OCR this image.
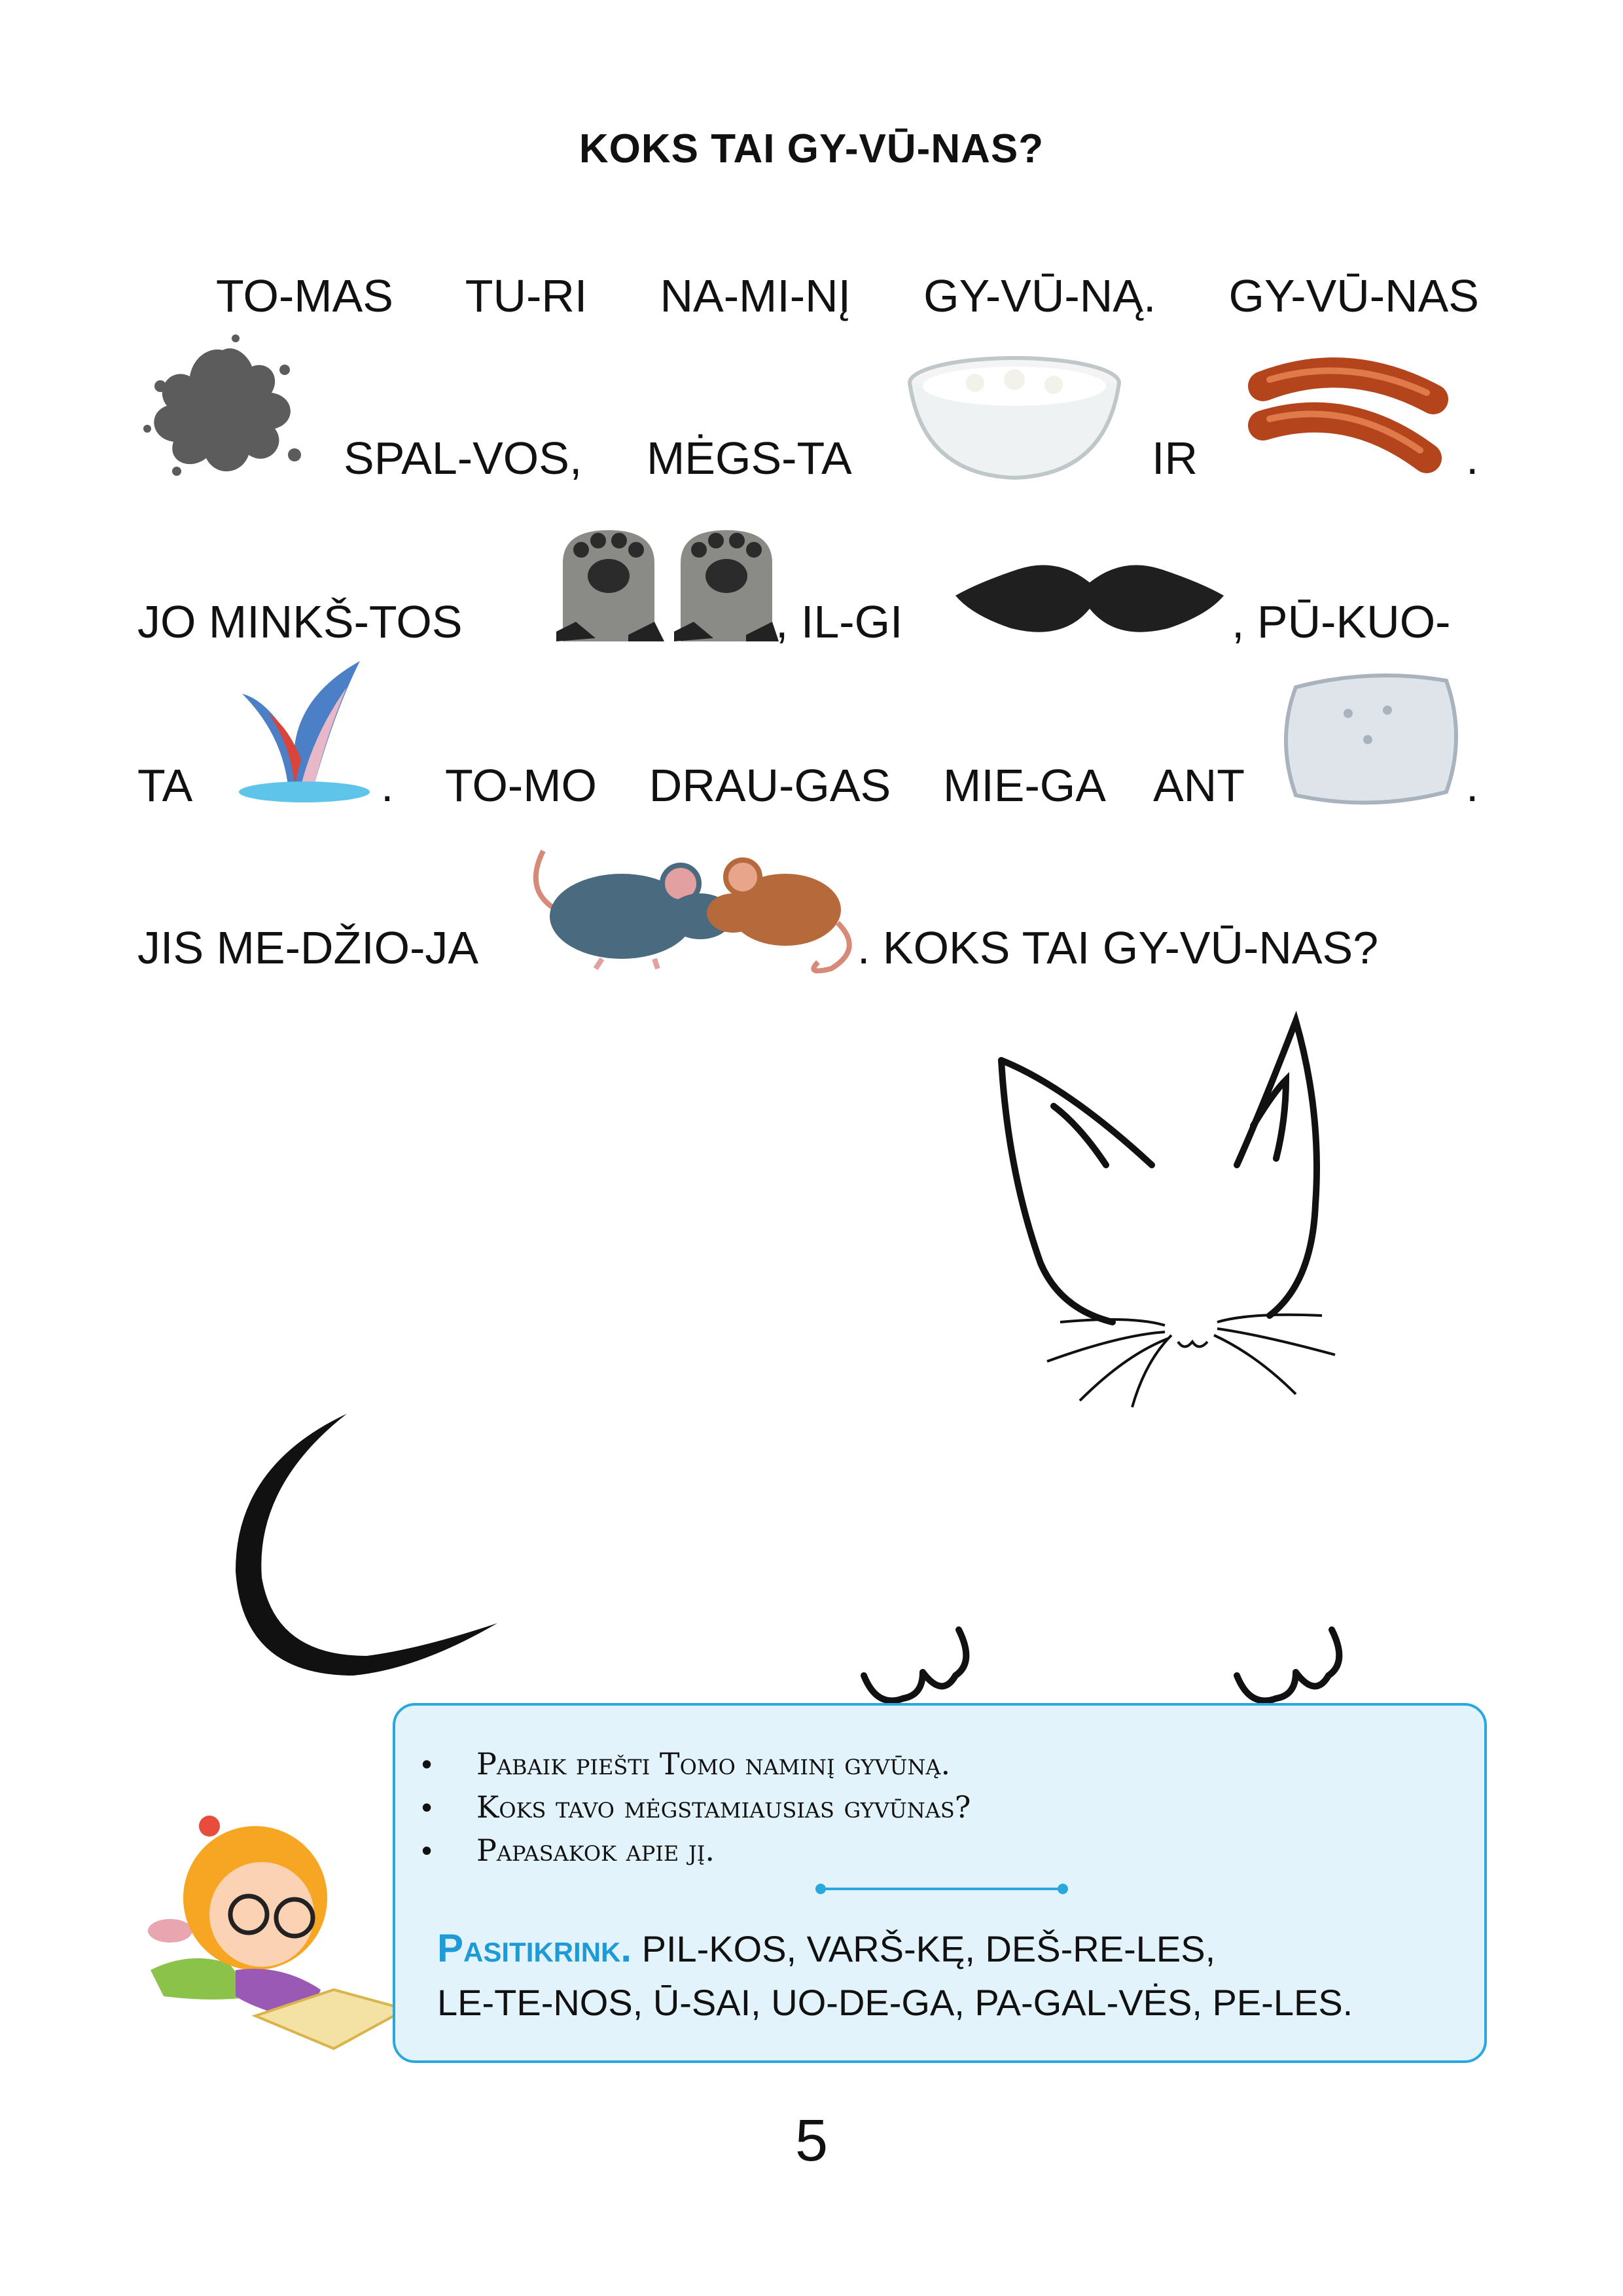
KOKS TAI GY-VŪ-NAS?
TO-MAS TU-RI NA-MI-NĮ GY-VŪ-NĄ. GY-VŪ-NAS
SPAL-VOS, MĖGS-TA	IR	.
JO MINKŠ-TOS	, IL-GI	, PŪ-KUO-
TA	. TO-MO DRAU-GAS MIE-GA ANT	.
JIS ME-DŽIO-JA	. KOKS TAI GY-VŪ-NAS?
• Pabaik piešti Tomo naminį gyvūną.
• Koks tavo mėgstamiausias gyvūnas?
• Papasakok apie jį.
Pasitikrink. PIL-KOS, VARŠ-KĘ, DEŠ-RE-LES,
LE-TE-NOS, Ū-SAI, UO-DE-GA, PA-GAL-VĖS, PE-LES.
5
